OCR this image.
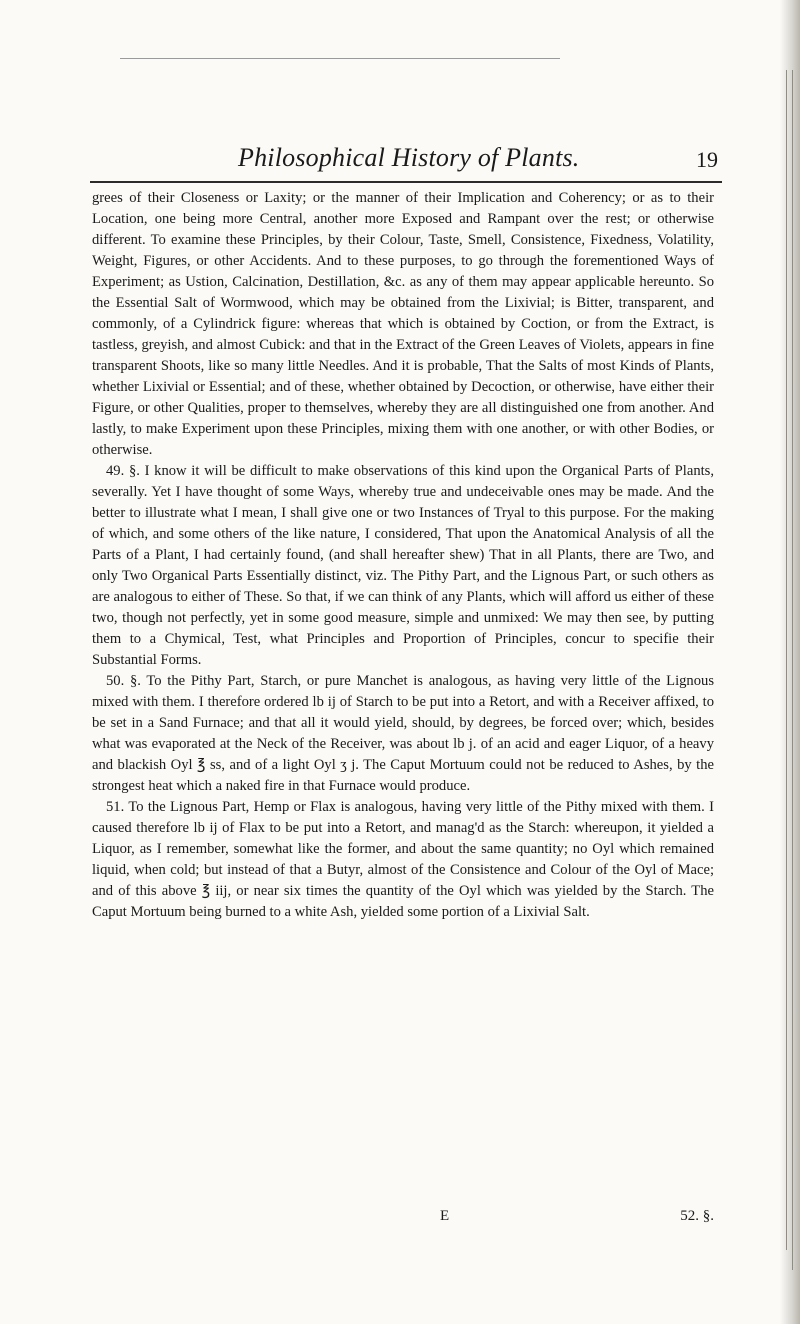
Philosophical History of Plants.	19

grees of their Closeness or Laxity; or the manner of their Implication and Coherency; or as to their Location, one being more Central, another more Exposed and Rampant over the rest; or otherwise different. To examine these Principles, by their Colour, Taste, Smell, Consistence, Fixedness, Volatility, Weight, Figures, or other Accidents. And to these purposes, to go through the forementioned Ways of Experiment; as Ustion, Calcination, Destillation, &c. as any of them may appear applicable hereunto. So the Essential Salt of Wormwood, which may be obtained from the Lixivial; is Bitter, transparent, and commonly, of a Cylindrick figure: whereas that which is obtained by Coction, or from the Extract, is tastless, greyish, and almost Cubick: and that in the Extract of the Green Leaves of Violets, appears in fine transparent Shoots, like so many little Needles. And it is probable, That the Salts of most Kinds of Plants, whether Lixivial or Essential; and of these, whether obtained by Decoction, or otherwise, have either their Figure, or other Qualities, proper to themselves, whereby they are all distinguished one from another. And lastly, to make Experiment upon these Principles, mixing them with one another, or with other Bodies, or otherwise.

49. §. I know it will be difficult to make observations of this kind upon the Organical Parts of Plants, severally. Yet I have thought of some Ways, whereby true and undeceivable ones may be made. And the better to illustrate what I mean, I shall give one or two Instances of Tryal to this purpose. For the making of which, and some others of the like nature, I considered, That upon the Anatomical Analysis of all the Parts of a Plant, I had certainly found, (and shall hereafter shew) That in all Plants, there are Two, and only Two Organical Parts Essentially distinct, viz. The Pithy Part, and the Lignous Part, or such others as are analogous to either of These. So that, if we can think of any Plants, which will afford us either of these two, though not perfectly, yet in some good measure, simple and unmixed: We may then see, by putting them to a Chymical, Test, what Principles and Proportion of Principles, concur to specifie their Substantial Forms.

50. §. To the Pithy Part, Starch, or pure Manchet is analogous, as having very little of the Lignous mixed with them. I therefore ordered lb ij of Starch to be put into a Retort, and with a Receiver affixed, to be set in a Sand Furnace; and that all it would yield, should, by degrees, be forced over; which, besides what was evaporated at the Neck of the Receiver, was about lb j. of an acid and eager Liquor, of a heavy and blackish Oyl ℥ ss, and of a light Oyl ʒ j. The Caput Mortuum could not be reduced to Ashes, by the strongest heat which a naked fire in that Furnace would produce.

51. To the Lignous Part, Hemp or Flax is analogous, having very little of the Pithy mixed with them. I caused therefore lb ij of Flax to be put into a Retort, and manag'd as the Starch: whereupon, it yielded a Liquor, as I remember, somewhat like the former, and about the same quantity; no Oyl which remained liquid, when cold; but instead of that a Butyr, almost of the Consistence and Colour of the Oyl of Mace; and of this above ℥ iij, or near six times the quantity of the Oyl which was yielded by the Starch. The Caput Mortuum being burned to a white Ash, yielded some portion of a Lixivial Salt.

E	52. §.
